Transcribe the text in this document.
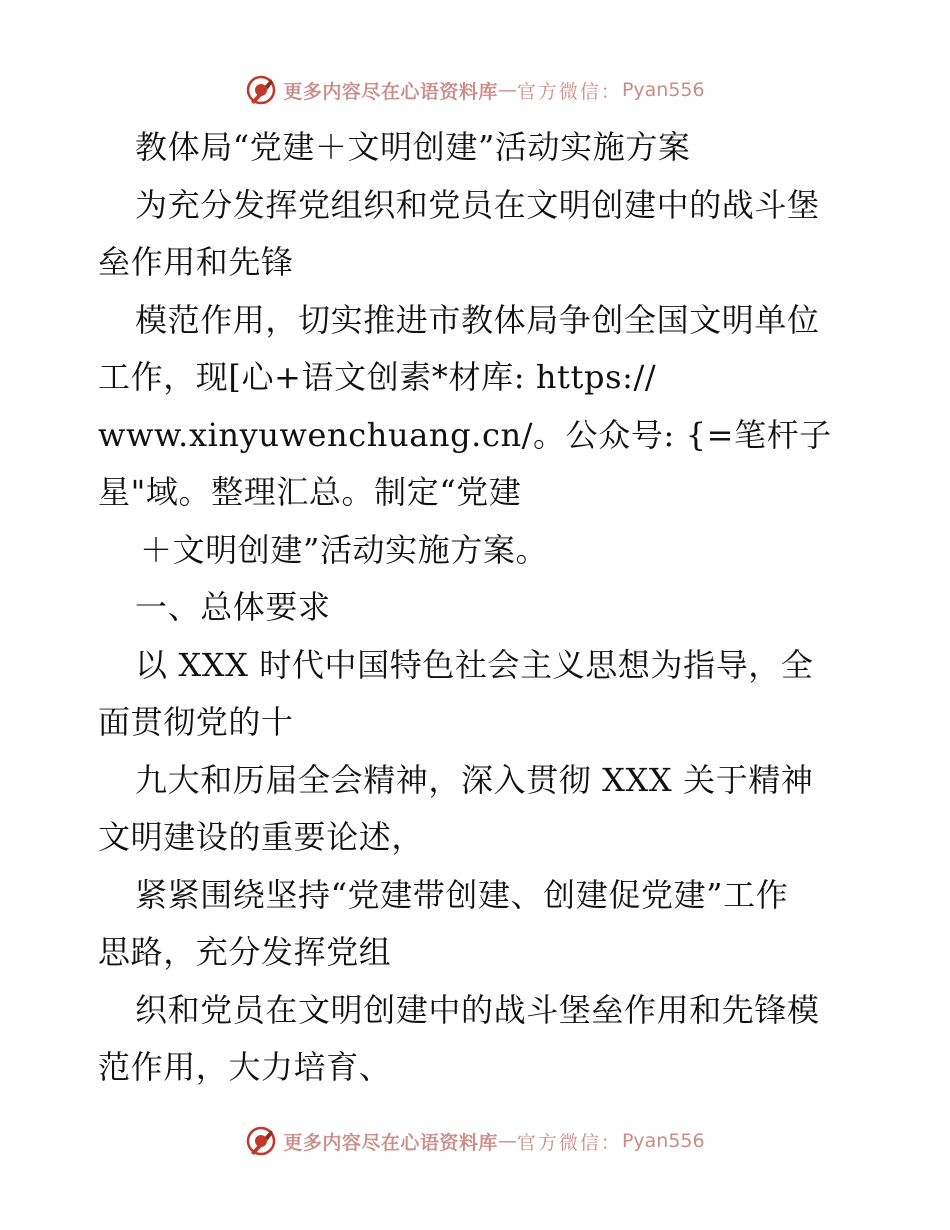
更多内容尽在心语资料库 — 官方微信： Pyan556
教体局“党建＋文明创建”活动实施方案
为充分发挥党组织和党员在文明创建中的战斗堡
垒作用和先锋
模范作用，切实推进市教体局争创全国文明单位
工作，现[心+语文创素*材库: https://
www.xinyuwenchuang.cn/。公众号: {=笔杆子
星"域。整理汇总。制定“党建
＋文明创建”活动实施方案。
一、总体要求
以 XXX 时代中国特色社会主义思想为指导，全
面贯彻党的十
九大和历届全会精神，深入贯彻 XXX 关于精神
文明建设的重要论述，
紧紧围绕坚持“党建带创建、创建促党建”工作
思路，充分发挥党组
织和党员在文明创建中的战斗堡垒作用和先锋模
范作用，大力培育、
更多内容尽在心语资料库 — 官方微信： Pyan556
